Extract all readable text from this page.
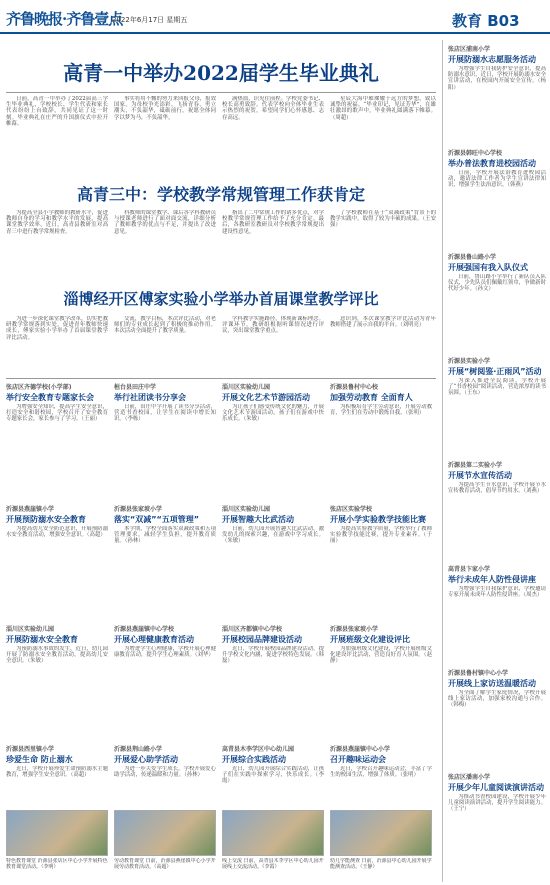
齐鲁晚报·齐鲁壹点
2022年6月17日 星期五	教育 B03
高青一中举办2022届学生毕业典礼
日前，高青一中举办了2022届高三学生毕业典礼，学校校长、学生代表和家长代表纷纷上台致辞，共同见证了这一时刻。毕业典礼在庄严的升国旗仪式中拉开帷幕。
事实将用不懈的努力来回报父母，报效国家。为母校争光添彩。飞扬青春，勇立潮头，不负韶华，砥砺前行，祝愿全体同学以梦为马，不负韶华。
满热血，识见往前程。学校党委书记、校长高勇致辞，代表学校向全体毕业生表示热烈的祝贺，希望同学们心怀感恩、志存高远。
星辰大海中璀璨耀于远方的梦想，致以诚挚的祝福。“毕业印记，见证芳华”，在雄壮激昂的歌声中，毕业典礼圆满落下帷幕。（周超）
高青三中：学校教学常规管理工作获肯定
为提高全县小学教师的教研水平，促进教师自身的学习和教学水平的发展，提高课堂教学效率，近日，高青县教研室对高青三中进行教学常规检查。
科教师的课堂教学、课后各学科教研员与授课老师进行了面对面交流，详细分析了教师教学的优点与不足，并提出了改进意见。
指出了二中常规工作的诸多优点，对学校教学常规管理工作给予了充分肯定。最后，各教研室教研员对学校教学常规提出建设性意见。
了学校教师在基于“双减政策”背景下的教学实践中，取得了较为丰硕的成果。（王安强）
淄博经开区傅家实验小学举办首届课堂教学评比
为进一步深化课堂教学改革，切实把教研教学常规落到实处，促进青年教师快速成长，傅家实验小学举办了首届课堂教学评比活动。
交流，教学目标，本次评比活动，对老师们的专业成长起到了积极的推动作用。本次活动全面提升了教学质量。
学科教学实施路径，体现新课标理念。评课环节，教研组根据听课情况进行评议，突出课堂教学重点。
意识到，本次课堂教学评比活动为青年教师搭建了展示自我的平台。（刘明亮）
张店区齐德学校(小学部)
举行安全教育专题家长会
为增强安全知识，提高学生安全意识，打造安全和谐校园，学校召开了安全教育专题家长会，家长参与了学习。（王丽）
桓台县田庄中学
举行社团读书分享会
日前，田庄中学开展了读书分享活动，营造书香校园，让学生在阅读中增长知识。（李栋）
淄川区实验幼儿园
开展文化艺术节游园活动
为让孩子们感受传统文化的魅力，开展文化艺术节游园活动，孩子们在游戏中快乐成长。（朱敏）
沂源县鲁村中心校
加强劳动教育 全面育人
为积极培育学生劳动意识，开展劳动教育，学生们在劳动中锻炼自我。（张明）
沂源县燕崖镇小学
开展预防溺水安全教育
为提高幼儿安全防范意识，开展预防溺水安全教育活动，增强安全意识。（高超）
沂源县张家坡小学
落实“双减”“五项管理”
本学期，学校全面落实双减政策和五项管理要求，减轻学生负担，提升教育质量。（孙林）
淄川区实验幼儿园
开展智趣大比武活动
日前，幼儿园开展智趣大比武活动，激发幼儿的探索兴趣，在游戏中学习成长。（朱敏）
张店区实验学校
开展小学实验教学技能比赛
为提高实验教学质量，学校举行了教师实验教学技能比赛，提升专业素养。（于丽）
淄川区实验幼儿园
开展防溺水安全教育
为预防溺水事故的发生，近日，幼儿园开展了防溺水安全教育活动，提高幼儿安全意识。（朱敏）
沂源县燕崖镇中心学校
开展心理健康教育活动
为增进学生心理健康，学校开展心理健康教育活动，提升学生心理素质。（刘华）
淄川区齐都镇中心学校
开展校园品牌建设活动
近日，学校开展校园品牌建设活动，提升学校文化内涵，促进学校特色发展。（韩磊）
沂源县张家坡小学
开展班级文化建设评比
为加强班级文化建设，学校开展班级文化建设评比活动，营造良好育人氛围。（赵静）
沂源县西里镇小学
珍爱生命 防止溺水
近日，学校开展珍爱生命预防溺水主题教育，增强学生安全意识。（高超）
沂源县荆山路小学
开展爱心助学活动
为进一步关爱学生成长，学校开展爱心助学活动，传递温暖和力量。（孙林）
高青县木李学区中心幼儿园
开展综合实践活动
近日，幼儿园开展综合实践活动，让孩子们在实践中探索学习，快乐成长。（李霞）
沂源县燕崖镇中心小学
召开趣味运动会
近日，学校召开趣味运动会，丰富了学生的校园生活，增强了体质。（张明）
特色教育课堂 沂源县张店区中心小学开展特色教育课堂活动。（李明）
劳动教育课堂 日前，沂源县燕崖镇中心小学开展劳动教育活动。（高超）
线上交流 日前，高青县木李学区中心幼儿园开展线上交流活动。（李霞）
幼儿学能测查 日前，沂源县中心幼儿园开展学能测查活动。（王静）
张店区浦南小学
开展防溺水志愿服务活动
为增强学生自我防护安全意识，提高防溺水意识，近日，学校开展防溺水安全宣讲活动，在校园内开展安全宣传。（杨阳）
沂源县韩旺中心学校
举办普法教育进校园活动
日前，学校开展法治教育进校园活动，邀请法律工作者为学生宣讲法律知识，增强学生法治意识。（韩燕）
沂源县鲁山路小学
开展强国有我入队仪式
日前，鲁山路小学举行了新队员入队仪式，少先队员们佩戴红领巾，争做新时代好少年。（孙文）
沂源县实验小学
开展“树阅鉴·正雨风”活动
为深入推进全民阅读，学校开展了“书香校园”阅读活动，营造浓厚的读书氛围。（王东）
沂源县第二实验小学
开展节水宣传活动
为提高学生节水意识，学校开展节水宣传教育活动，倡导节约用水。（刘燕）
高青县卞家小学
举行未成年人防性侵讲座
为增强学生自我保护意识，学校邀请专家开展未成年人防性侵讲座。（周杰）
沂源县鲁村镇中心小学
开展线上家访送温暖活动
为全面了解学生家庭情况，学校开展线上家访活动，加强家校沟通与合作。（韩梅）
张店区潘南小学
开展少年儿童阅读演讲活动
为推动书香校园建设，学校开展少年儿童阅读演讲活动，提升学生阅读能力。（王宁）
